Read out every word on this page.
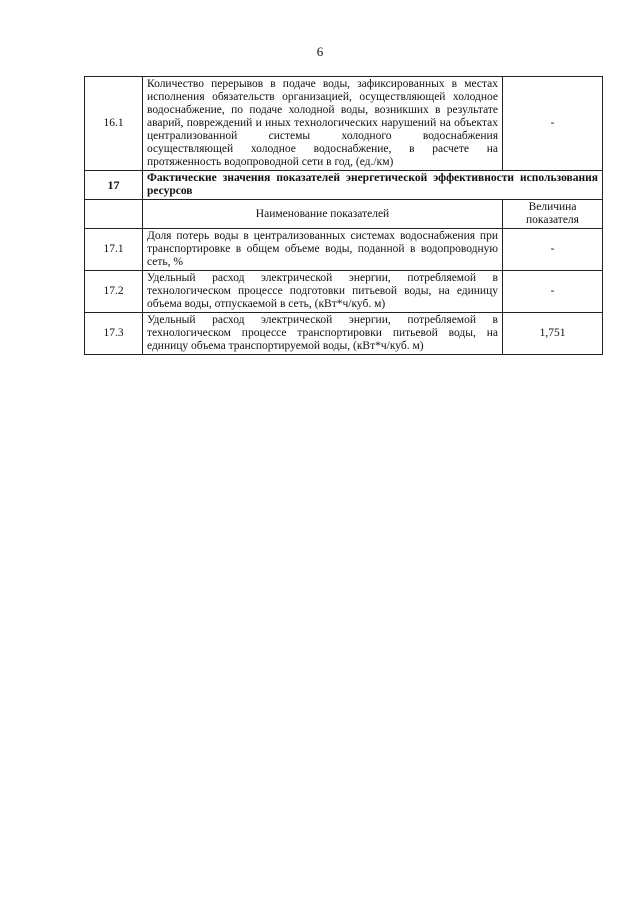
6
16.1	Количество перерывов в подаче воды, зафиксированных в местах исполнения обязательств организацией, осуществляющей холодное водоснабжение, по подаче холодной воды, возникших в результате аварий, повреждений и иных технологических нарушений на объектах централизованной системы холодного водоснабжения осуществляющей холодное водоснабжение, в расчете на протяженность водопроводной сети в год, (ед./км)	-
17	Фактические значения показателей энергетической эффективности использования ресурсов	
	Наименование показателей	Величина показателя
17.1	Доля потерь воды в централизованных системах водоснабжения при транспортировке в общем объеме воды, поданной в водопроводную сеть, %	-
17.2	Удельный расход электрической энергии, потребляемой в технологическом процессе подготовки питьевой воды, на единицу объема воды, отпускаемой в сеть, (кВт*ч/куб. м)	-
17.3	Удельный расход электрической энергии, потребляемой в технологическом процессе транспортировки питьевой воды, на единицу объема транспортируемой воды, (кВт*ч/куб. м)	1,751
